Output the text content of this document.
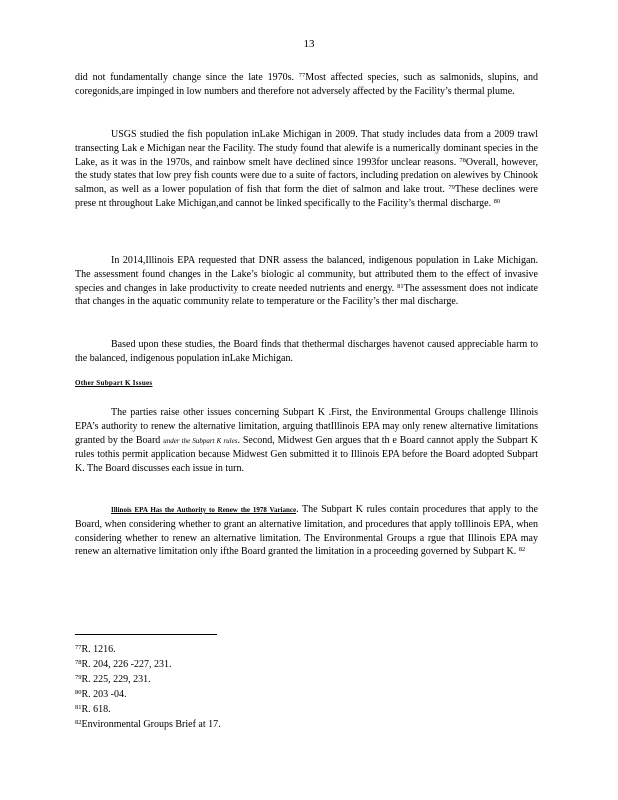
13

did not fundamentally change since the late 1970s. $^{77}$Most affected species, such as salmonids, slupins, and coregonids,are impinged in low numbers and therefore not adversely affected by the Facility’s thermal plume.

USGS studied the fish population inLake Michigan in 2009. That study includes data from a 2009 trawl transecting Lak e Michigan near the Facility. The study found that alewife is a numerically dominant species in the Lake, as it was in the 1970s, and rainbow smelt have declined since 1993for unclear reasons. $^{78}$Overall, however, the study states that low prey fish counts were due to a suite of factors, including predation on alewives by Chinook salmon, as well as a lower population of fish that form the diet of salmon and lake trout. $^{79}$These declines were prese nt throughout Lake Michigan,and cannot be linked specifically to the Facility’s thermal discharge. $^{80}$

In 2014,Illinois EPA requested that DNR assess the balanced, indigenous population in Lake Michigan. The assessment found changes in the Lake’s biologic al community, but attributed them to the effect of invasive species and changes in lake productivity to create needed nutrients and energy. $^{81}$The assessment does not indicate that changes in the aquatic community relate to temperature or the Facility’s ther mal discharge.

Based upon these studies, the Board finds that thethermal discharges havenot caused appreciable harm to the balanced, indigenous population inLake Michigan.

Other Subpart K Issues

The parties raise other issues concerning Subpart K .First, the Environmental Groups challenge Illinois EPA’s authority to renew the alternative limitation, arguing thatIllinois EPA may only renew alternative limitations granted by the Board under the Subpart K rules. Second, Midwest Gen argues that th e Board cannot apply the Subpart K rules tothis permit application because Midwest Gen submitted it to Illinois EPA before the Board adopted Subpart K. The Board discusses each issue in turn.

Illinois EPA Has the Authority to Renew the 1978 Variance. The Subpart K rules contain procedures that apply to the Board, when considering whether to grant an alternative limitation, and procedures that apply toIllinois EPA, when considering whether to renew an alternative limitation. The Environmental Groups a rgue that Illinois EPA may renew an alternative limitation only ifthe Board granted the limitation in a proceeding governed by Subpart K. $^{82}$

$^{77}$R. 1216.
$^{78}$R. 204, 226 -227, 231.
$^{79}$R. 225, 229, 231.
$^{80}$R. 203 -04.
$^{81}$R. 618.
$^{82}$Environmental Groups Brief at 17.
